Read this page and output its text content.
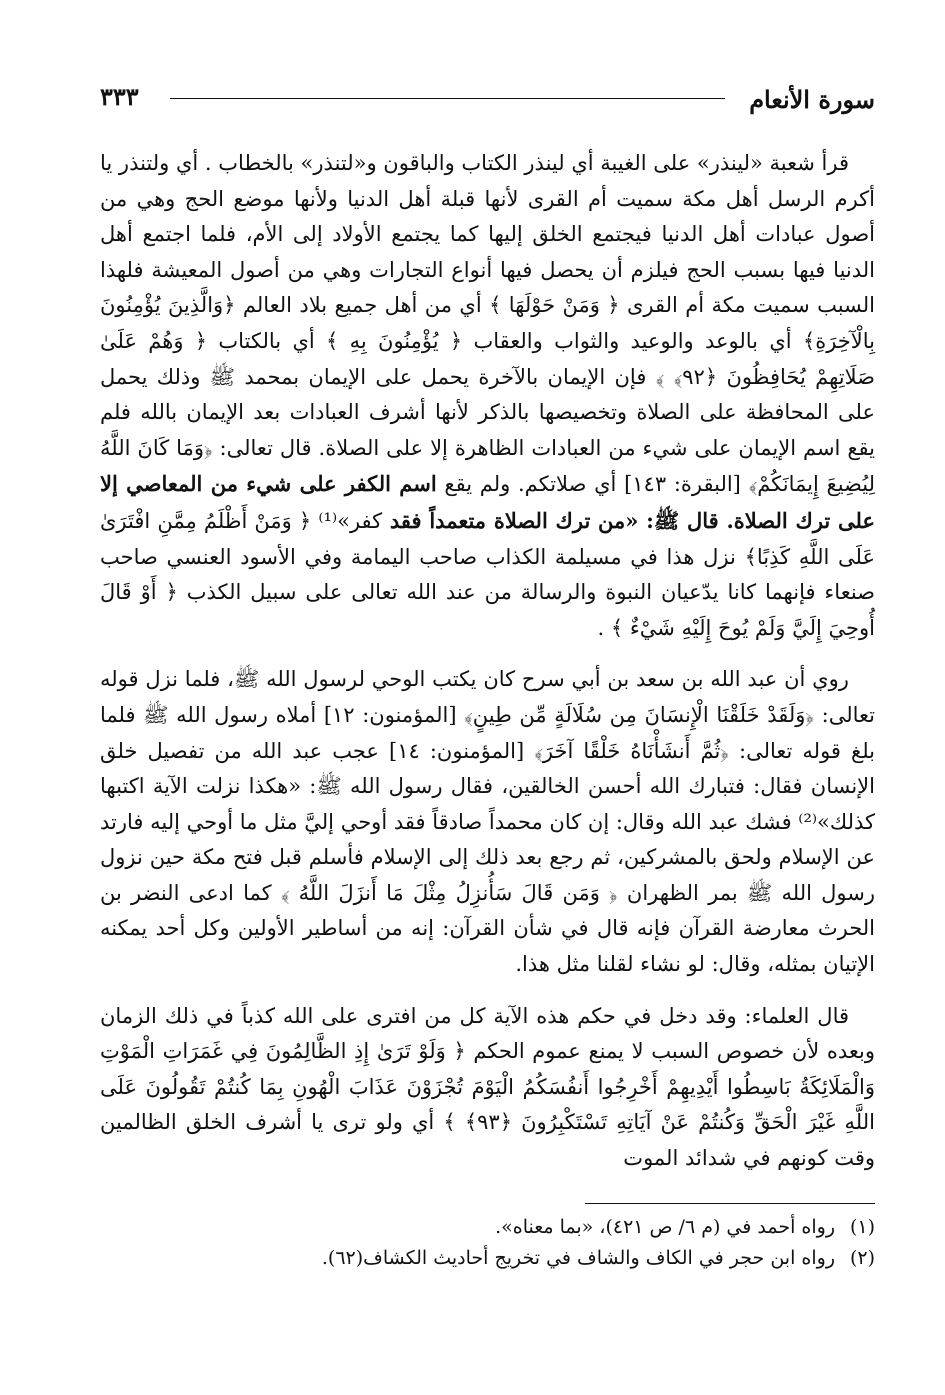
سورة الأنعام
٣٣٣

قرأ شعبة «لينذر» على الغيبة أي لينذر الكتاب والباقون و«لتنذر» بالخطاب . أي ولتنذر يا أكرم الرسل أهل مكة سميت أم القرى لأنها قبلة أهل الدنيا ولأنها موضع الحج وهي من أصول عبادات أهل الدنيا فيجتمع الخلق إليها كما يجتمع الأولاد إلى الأم، فلما اجتمع أهل الدنيا فيها بسبب الحج فيلزم أن يحصل فيها أنواع التجارات وهي من أصول المعيشة فلهذا السبب سميت مكة أم القرى ﴿ وَمَنْ حَوْلَهَا ﴾ أي من أهل جميع بلاد العالم ﴿وَالَّذِينَ يُؤْمِنُونَ بِالْآخِرَةِ﴾ أي بالوعد والوعيد والثواب والعقاب ﴿ يُؤْمِنُونَ بِهِ ﴾ أي بالكتاب ﴿ وَهُمْ عَلَىٰ صَلَاتِهِمْ يُحَافِظُونَ ﴿٩٢﴾ ﴾ فإن الإيمان بالآخرة يحمل على الإيمان بمحمد ﷺ وذلك يحمل على المحافظة على الصلاة وتخصيصها بالذكر لأنها أشرف العبادات بعد الإيمان بالله فلم يقع اسم الإيمان على شيء من العبادات الظاهرة إلا على الصلاة. قال تعالى: ﴿وَمَا كَانَ اللَّهُ لِيُضِيعَ إِيمَانَكُمْ﴾ [البقرة: ١٤٣] أي صلاتكم. ولم يقع اسم الكفر على شيء من المعاصي إلا على ترك الصلاة. قال ﷺ: «من ترك الصلاة متعمداً فقد كفر»⁽¹⁾ ﴿ وَمَنْ أَظْلَمُ مِمَّنِ افْتَرَىٰ عَلَى اللَّهِ كَذِبًا﴾ نزل هذا في مسيلمة الكذاب صاحب اليمامة وفي الأسود العنسي صاحب صنعاء فإنهما كانا يدّعيان النبوة والرسالة من عند الله تعالى على سبيل الكذب ﴿ أَوْ قَالَ أُوحِيَ إِلَيَّ وَلَمْ يُوحَ إِلَيْهِ شَيْءٌ ﴾ .

روي أن عبد الله بن سعد بن أبي سرح كان يكتب الوحي لرسول الله ﷺ، فلما نزل قوله تعالى: ﴿وَلَقَدْ خَلَقْنَا الْإِنسَانَ مِن سُلَالَةٍ مِّن طِينٍ﴾ [المؤمنون: ١٢] أملاه رسول الله ﷺ فلما بلغ قوله تعالى: ﴿ثُمَّ أَنشَأْنَاهُ خَلْقًا آخَرَ﴾ [المؤمنون: ١٤] عجب عبد الله من تفصيل خلق الإنسان فقال: فتبارك الله أحسن الخالقين، فقال رسول الله ﷺ: «هكذا نزلت الآية اكتبها كذلك»⁽²⁾ فشك عبد الله وقال: إن كان محمداً صادقاً فقد أوحي إليَّ مثل ما أوحي إليه فارتد عن الإسلام ولحق بالمشركين، ثم رجع بعد ذلك إلى الإسلام فأسلم قبل فتح مكة حين نزول رسول الله ﷺ بمر الظهران ﴿ وَمَن قَالَ سَأُنزِلُ مِثْلَ مَا أَنزَلَ اللَّهُ ﴾ كما ادعى النضر بن الحرث معارضة القرآن فإنه قال في شأن القرآن: إنه من أساطير الأولين وكل أحد يمكنه الإتيان بمثله، وقال: لو نشاء لقلنا مثل هذا.

قال العلماء: وقد دخل في حكم هذه الآية كل من افترى على الله كذباً في ذلك الزمان وبعده لأن خصوص السبب لا يمنع عموم الحكم ﴿ وَلَوْ تَرَىٰ إِذِ الظَّالِمُونَ فِي غَمَرَاتِ الْمَوْتِ وَالْمَلَائِكَةُ بَاسِطُوا أَيْدِيهِمْ أَخْرِجُوا أَنفُسَكُمُ الْيَوْمَ تُجْزَوْنَ عَذَابَ الْهُونِ بِمَا كُنتُمْ تَقُولُونَ عَلَى اللَّهِ غَيْرَ الْحَقِّ وَكُنتُمْ عَنْ آيَاتِهِ تَسْتَكْبِرُونَ ﴿٩٣﴾ ﴾ أي ولو ترى يا أشرف الخلق الظالمين وقت كونهم في شدائد الموت

(١)
رواه أحمد في (م ٦/ ص ٤٢١)، «بما معناه».
(٢)
رواه ابن حجر في الكاف والشاف في تخريج أحاديث الكشاف(٦٢).
